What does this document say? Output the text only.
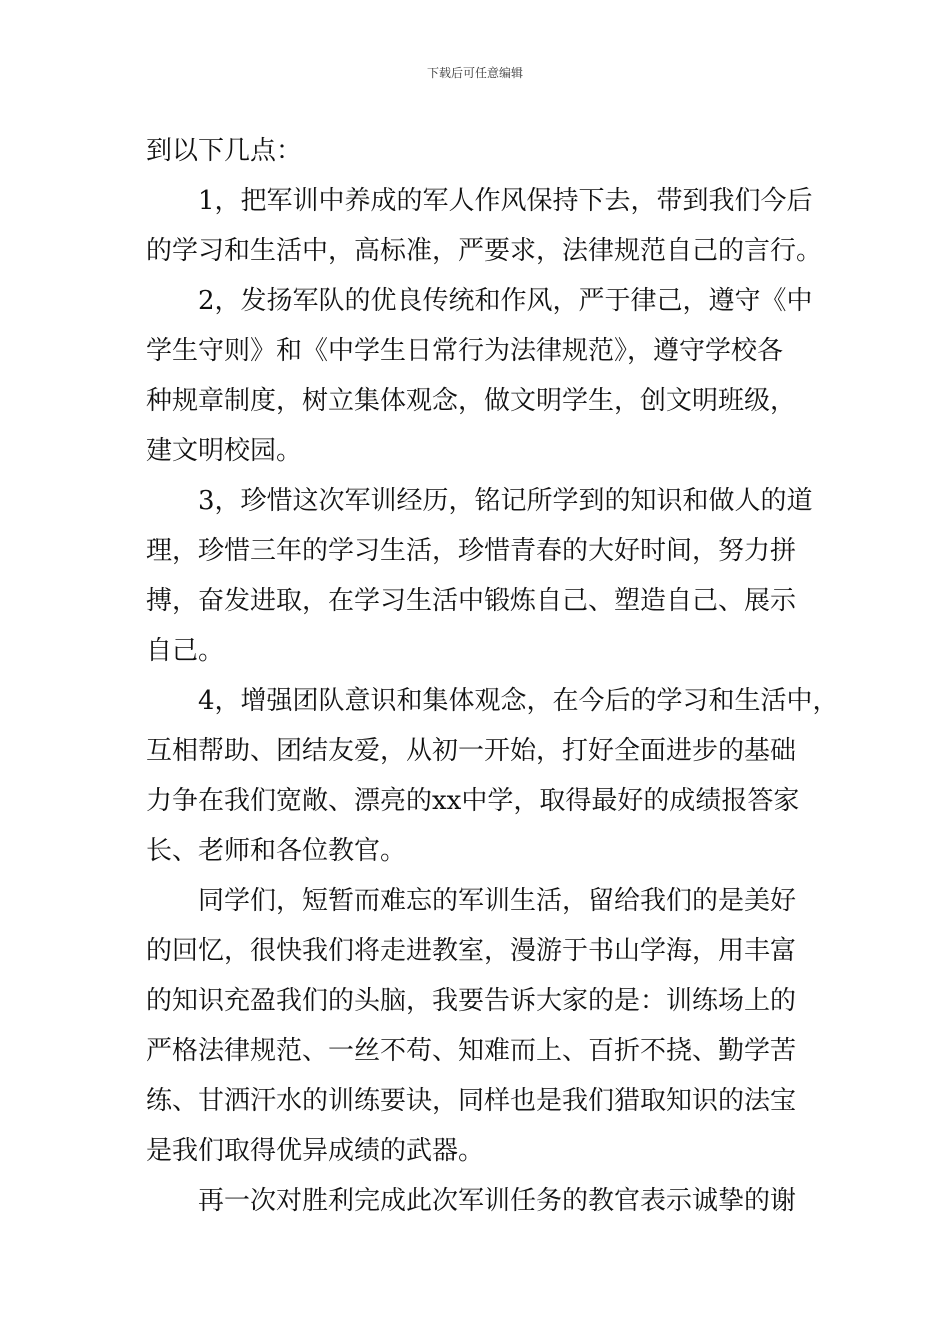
下载后可任意编辑

到以下几点：

1，把军训中养成的军人作风保持下去，带到我们今后
的学习和生活中，高标准，严要求，法律规范自己的言行。

2，发扬军队的优良传统和作风，严于律己，遵守《中
学生守则》和《中学生日常行为法律规范》，遵守学校各
种规章制度，树立集体观念，做文明学生，创文明班级，
建文明校园。

3，珍惜这次军训经历，铭记所学到的知识和做人的道
理，珍惜三年的学习生活，珍惜青春的大好时间，努力拼
搏，奋发进取，在学习生活中锻炼自己、塑造自己、展示
自己。

4，增强团队意识和集体观念，在今后的学习和生活中，
互相帮助、团结友爱，从初一开始，打好全面进步的基础
力争在我们宽敞、漂亮的xx中学，取得最好的成绩报答家
长、老师和各位教官。

同学们，短暂而难忘的军训生活，留给我们的是美好
的回忆，很快我们将走进教室，漫游于书山学海，用丰富
的知识充盈我们的头脑，我要告诉大家的是：训练场上的
严格法律规范、一丝不苟、知难而上、百折不挠、勤学苦
练、甘洒汗水的训练要诀，同样也是我们猎取知识的法宝
是我们取得优异成绩的武器。

再一次对胜利完成此次军训任务的教官表示诚挚的谢
